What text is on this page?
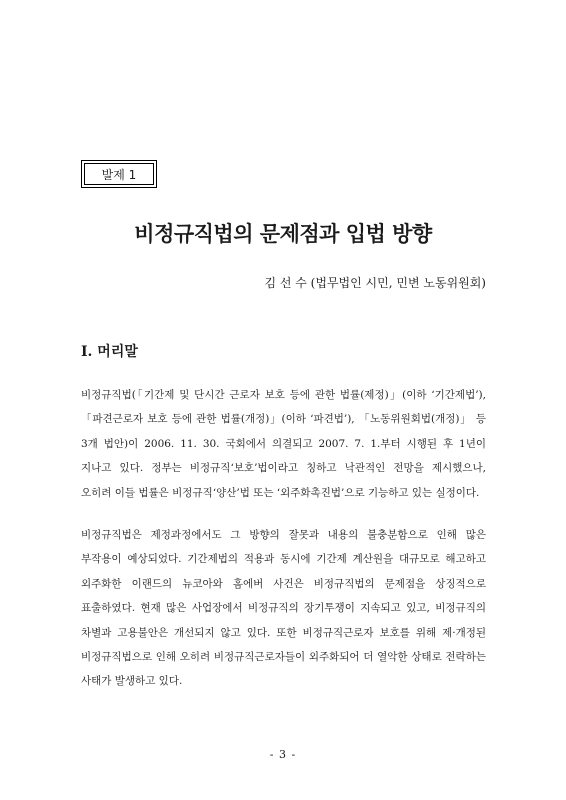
발제 1
비정규직법의 문제점과 입법 방향
김 선 수 (법무법인 시민, 민변 노동위원회)
Ⅰ. 머리말

비정규직법(「기간제 및 단시간 근로자 보호 등에 관한 법률(제정)」(이하 ‘기간제법’), 「파견근로자 보호 등에 관한 법률(개정)」(이하 ‘파견법’), 「노동위원회법(개정)」 등 3개 법안)이 2006. 11. 30. 국회에서 의결되고 2007. 7. 1.부터 시행된 후 1년이 지나고 있다. 정부는 비정규직‘보호’법이라고 칭하고 낙관적인 전망을 제시했으나, 오히려 이들 법률은 비정규직‘양산’법 또는 ‘외주화촉진법’으로 기능하고 있는 실정이다.

비정규직법은 제정과정에서도 그 방향의 잘못과 내용의 불충분함으로 인해 많은 부작용이 예상되었다. 기간제법의 적용과 동시에 기간제 계산원을 대규모로 해고하고 외주화한 이랜드의 뉴코아와 홈에버 사건은 비정규직법의 문제점을 상징적으로 표출하였다. 현재 많은 사업장에서 비정규직의 장기투쟁이 지속되고 있고, 비정규직의 차별과 고용불안은 개선되지 않고 있다. 또한 비정규직근로자 보호를 위해 제·개정된 비정규직법으로 인해 오히려 비정규직근로자들이 외주화되어 더 열악한 상태로 전락하는 사태가 발생하고 있다.

- 3 -
